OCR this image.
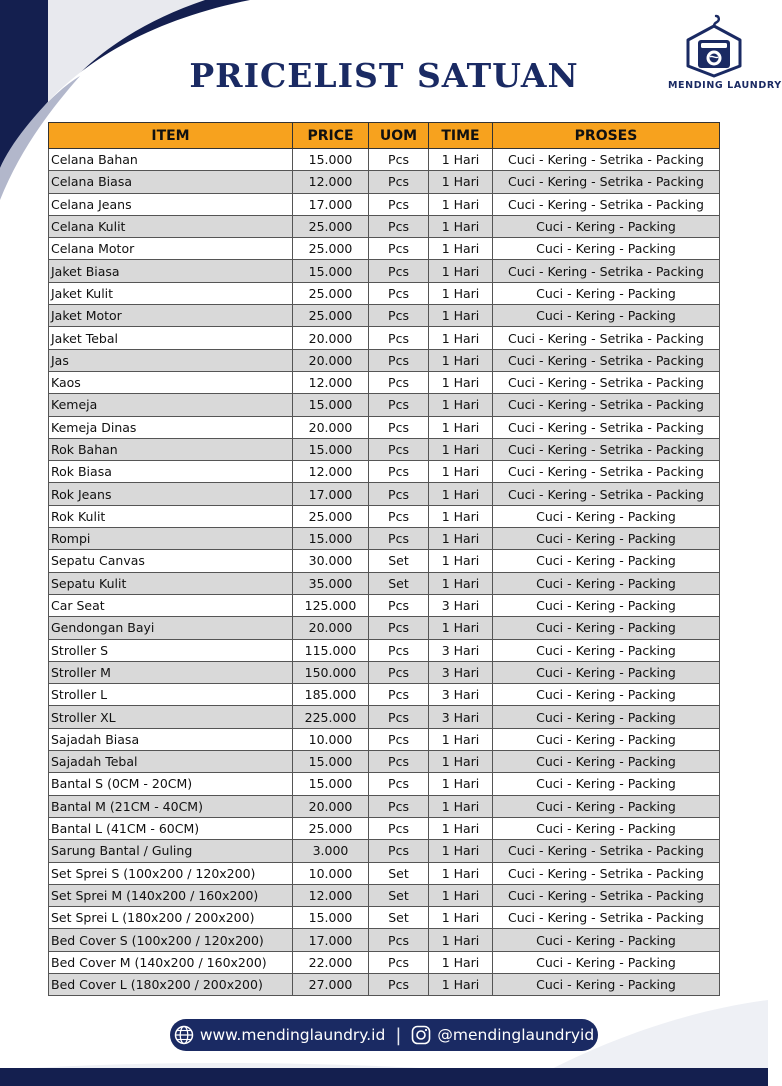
PRICELIST SATUAN	MENDING LAUNDRY
ITEM	PRICE	UOM	TIME	PROSES
Celana Bahan	15.000	Pcs	1 Hari	Cuci - Kering - Setrika - Packing
Celana Biasa	12.000	Pcs	1 Hari	Cuci - Kering - Setrika - Packing
Celana Jeans	17.000	Pcs	1 Hari	Cuci - Kering - Setrika - Packing
Celana Kulit	25.000	Pcs	1 Hari	Cuci - Kering - Packing
Celana Motor	25.000	Pcs	1 Hari	Cuci - Kering - Packing
Jaket Biasa	15.000	Pcs	1 Hari	Cuci - Kering - Setrika - Packing
Jaket Kulit	25.000	Pcs	1 Hari	Cuci - Kering - Packing
Jaket Motor	25.000	Pcs	1 Hari	Cuci - Kering - Packing
Jaket Tebal	20.000	Pcs	1 Hari	Cuci - Kering - Setrika - Packing
Jas	20.000	Pcs	1 Hari	Cuci - Kering - Setrika - Packing
Kaos	12.000	Pcs	1 Hari	Cuci - Kering - Setrika - Packing
Kemeja	15.000	Pcs	1 Hari	Cuci - Kering - Setrika - Packing
Kemeja Dinas	20.000	Pcs	1 Hari	Cuci - Kering - Setrika - Packing
Rok Bahan	15.000	Pcs	1 Hari	Cuci - Kering - Setrika - Packing
Rok Biasa	12.000	Pcs	1 Hari	Cuci - Kering - Setrika - Packing
Rok Jeans	17.000	Pcs	1 Hari	Cuci - Kering - Setrika - Packing
Rok Kulit	25.000	Pcs	1 Hari	Cuci - Kering - Packing
Rompi	15.000	Pcs	1 Hari	Cuci - Kering - Packing
Sepatu Canvas	30.000	Set	1 Hari	Cuci - Kering - Packing
Sepatu Kulit	35.000	Set	1 Hari	Cuci - Kering - Packing
Car Seat	125.000	Pcs	3 Hari	Cuci - Kering - Packing
Gendongan Bayi	20.000	Pcs	1 Hari	Cuci - Kering - Packing
Stroller S	115.000	Pcs	3 Hari	Cuci - Kering - Packing
Stroller M	150.000	Pcs	3 Hari	Cuci - Kering - Packing
Stroller L	185.000	Pcs	3 Hari	Cuci - Kering - Packing
Stroller XL	225.000	Pcs	3 Hari	Cuci - Kering - Packing
Sajadah Biasa	10.000	Pcs	1 Hari	Cuci - Kering - Packing
Sajadah Tebal	15.000	Pcs	1 Hari	Cuci - Kering - Packing
Bantal S (0CM - 20CM)	15.000	Pcs	1 Hari	Cuci - Kering - Packing
Bantal M (21CM - 40CM)	20.000	Pcs	1 Hari	Cuci - Kering - Packing
Bantal L (41CM - 60CM)	25.000	Pcs	1 Hari	Cuci - Kering - Packing
Sarung Bantal / Guling	3.000	Pcs	1 Hari	Cuci - Kering - Setrika - Packing
Set Sprei S (100x200 / 120x200)	10.000	Set	1 Hari	Cuci - Kering - Setrika - Packing
Set Sprei M (140x200 / 160x200)	12.000	Set	1 Hari	Cuci - Kering - Setrika - Packing
Set Sprei L (180x200 / 200x200)	15.000	Set	1 Hari	Cuci - Kering - Setrika - Packing
Bed Cover S (100x200 / 120x200)	17.000	Pcs	1 Hari	Cuci - Kering - Packing
Bed Cover M (140x200 / 160x200)	22.000	Pcs	1 Hari	Cuci - Kering - Packing
Bed Cover L (180x200 / 200x200)	27.000	Pcs	1 Hari	Cuci - Kering - Packing
www.mendinglaundry.id | @mendinglaundryid
